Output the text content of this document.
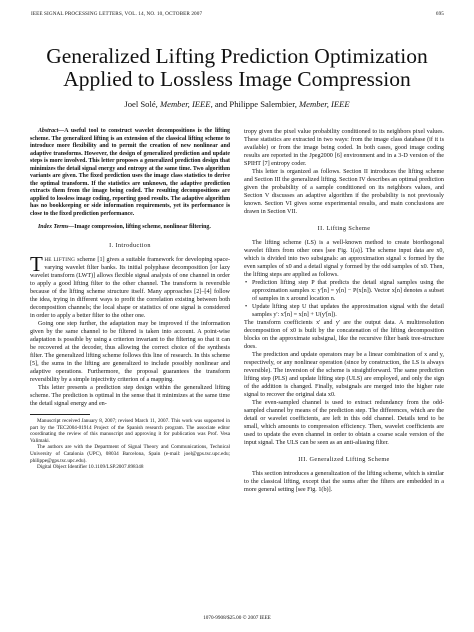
IEEE SIGNAL PROCESSING LETTERS, VOL. 14, NO. 10, OCTOBER 2007	695
Generalized Lifting Prediction Optimization
Applied to Lossless Image Compression
Joel Solé, Member, IEEE, and Philippe Salembier, Member, IEEE

Abstract—A useful tool to construct wavelet decompositions is the lifting scheme. The generalized lifting is an extension of the classical lifting scheme to introduce more flexibility and to permit the creation of new nonlinear and adaptive transforms. However, the design of generalized prediction and update steps is more involved. This letter proposes a generalized prediction design that minimizes the detail signal energy and entropy at the same time. Two algorithm variants are given. The fixed prediction uses the image class statistics to derive the optimal transform. If the statistics are unknown, the adaptive prediction extracts them from the image being coded. The resulting decompositions are applied to lossless image coding, reporting good results. The adaptive algorithm has no bookkeeping or side information requirements, yet its performance is close to the fixed prediction performance.

Index Terms—Image compression, lifting scheme, nonlinear filtering.

I. Introduction

THE LIFTING scheme [1] gives a suitable framework for developing space-varying wavelet filter banks. Its initial polyphase decomposition [or lazy wavelet transform (LWT)] allows flexible signal analysis of one channel in order to apply a good lifting filter to the other channel. The transform is reversible because of the lifting scheme structure itself. Many approaches [2]–[4] follow the idea, trying in different ways to profit the correlation existing between both decomposition channels; the local shape or statistics of one signal is considered in order to apply a better filter to the other one.

Going one step further, the adaptation may be improved if the information given by the same channel to be filtered is taken into account. A point-wise adaptation is possible by using a criterion invariant to the filtering so that it can be recovered at the decoder, thus allowing the correct choice of the synthesis filter. The generalized lifting scheme follows this line of research. In this scheme [5], the sums in the lifting are generalized to include possibly nonlinear and adaptive operations. Furthermore, the proposal guarantees the transform reversibility by a simple injectivity criterion of a mapping.

This letter presents a prediction step design within the generalized lifting scheme. The prediction is optimal in the sense that it minimizes at the same time the detail signal energy and en-

Manuscript received January 8, 2007; revised March 11, 2007. This work was supported in part by the TEC2004-01914 Project of the Spanish research program. The associate editor coordinating the review of this manuscript and approving it for publication was Prof. Vesa Valimaki.

The authors are with the Department of Signal Theory and Communications, Technical University of Catalonia (UPC), 08034 Barcelona, Spain (e-mail: joel@gps.tsc.upc.edu; philippe@gps.tsc.upc.edu).

Digital Object Identifier 10.1109/LSP.2007.898348

tropy given the pixel value probability conditioned to its neighbors pixel values. These statistics are extracted in two ways: from the image class database (if it is available) or from the image being coded. In both cases, good image coding results are reported in the Jpeg2000 [6] environment and in a 3-D version of the SPIHT [7] entropy coder.

This letter is organized as follows. Section II introduces the lifting scheme and Section III the generalized lifting. Section IV describes an optimal prediction given the probability of a sample conditioned on its neighbors values, and Section V discusses an adaptive algorithm if the probability is not previously known. Section VI gives some experimental results, and main conclusions are drawn in Section VII.

II. Lifting Scheme

The lifting scheme (LS) is a well-known method to create biorthogonal wavelet filters from other ones [see Fig. 1(a)]. The scheme input data are x0, which is divided into two subsignals: an approximation signal x formed by the even samples of x0 and a detail signal y formed by the odd samples of x0. Then, the lifting steps are applied as follows.

• Prediction lifting step P that predicts the detail signal samples using the approximation samples x: y'[n] = y[n] − P(x[n]). Vector x[n] denotes a subset of samples in x around location n.
• Update lifting step U that updates the approximation signal with the detail samples y': x'[n] = x[n] + U(y'[n]).

The transform coefficients x' and y' are the output data. A multiresolution decomposition of x0 is built by the concatenation of the lifting decomposition blocks on the approximate subsignal, like the recursive filter bank tree-structure does.

The prediction and update operators may be a linear combination of x and y, respectively, or any nonlinear operation (since by construction, the LS is always reversible). The inversion of the scheme is straightforward. The same prediction lifting step (PLS) and update lifting step (ULS) are employed, and only the sign of the addition is changed. Finally, subsignals are merged into the higher rate signal to recover the original data x0.

The even-sampled channel is used to extract redundancy from the odd-sampled channel by means of the prediction step. The differences, which are the detail or wavelet coefficients, are left in this odd channel. Details tend to be small, which amounts to compression efficiency. Then, wavelet coefficients are used to update the even channel in order to obtain a coarse scale version of the input signal. The ULS can be seen as an anti-aliasing filter.

III. Generalized Lifting Scheme

This section introduces a generalization of the lifting scheme, which is similar to the classical lifting, except that the sums after the filters are embedded in a more general setting [see Fig. 1(b)].

1070-9908/$25.00 © 2007 IEEE
